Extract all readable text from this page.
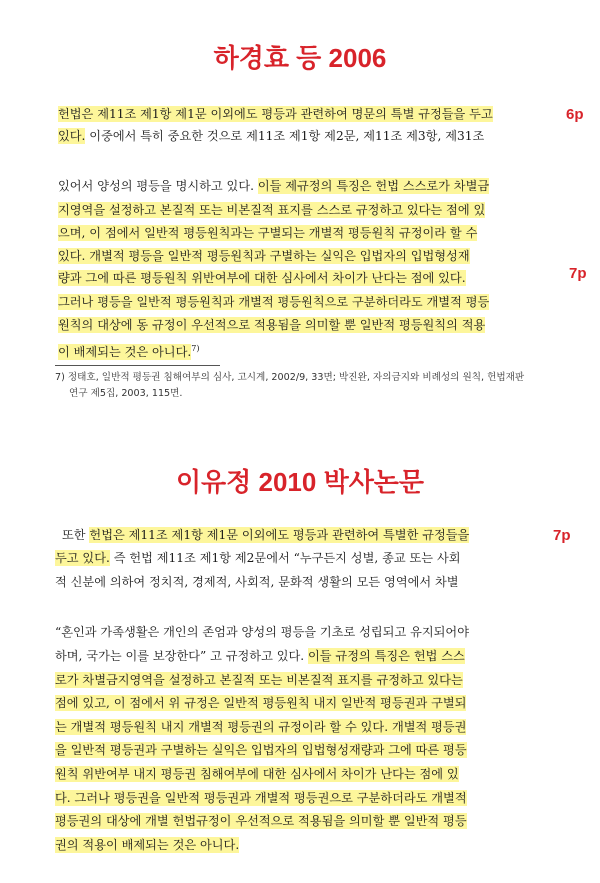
하경효 등 2006
6p
7p
헌법은 제11조 제1항 제1문 이외에도 평등과 관련하여 명문의 특별 규정들을 두고
있다. 이중에서 특히 중요한 것으로 제11조 제1항 제2문, 제11조 제3항, 제31조
있어서 양성의 평등을 명시하고 있다. 이들 제규정의 특징은 헌법 스스로가 차별금
지영역을 설정하고 본질적 또는 비본질적 표지를 스스로 규정하고 있다는 점에 있
으며, 이 점에서 일반적 평등원칙과는 구별되는 개별적 평등원칙 규정이라 할 수
있다. 개별적 평등을 일반적 평등원칙과 구별하는 실익은 입법자의 입법형성재
량과 그에 따른 평등원칙 위반여부에 대한 심사에서 차이가 난다는 점에 있다.
그러나 평등을 일반적 평등원칙과 개별적 평등원칙으로 구분하더라도 개별적 평등
원칙의 대상에 동 규정이 우선적으로 적용됨을 의미할 뿐 일반적 평등원칙의 적용
이 배제되는 것은 아니다.$^{7)}$
7) 정태호, 일반적 평등권 침해여부의 심사, 고시계, 2002/9, 33면; 박진완, 자의금지와 비례성의 원칙, 헌법재판
연구 제5집, 2003, 115면.
이유정 2010 박사논문
7p
또한 헌법은 제11조 제1항 제1문 이외에도 평등과 관련하여 특별한 규정들을
두고 있다. 즉 헌법 제11조 제1항 제2문에서 “누구든지 성별, 종교 또는 사회
적 신분에 의하여 정치적, 경제적, 사회적, 문화적 생활의 모든 영역에서 차별
“혼인과 가족생활은 개인의 존엄과 양성의 평등을 기초로 성립되고 유지되어야
하며, 국가는 이를 보장한다” 고 규정하고 있다. 이들 규정의 특징은 헌법 스스
로가 차별금지영역을 설정하고 본질적 또는 비본질적 표지를 규정하고 있다는
점에 있고, 이 점에서 위 규정은 일반적 평등원칙 내지 일반적 평등권과 구별되
는 개별적 평등원칙 내지 개별적 평등권의 규정이라 할 수 있다. 개별적 평등권
을 일반적 평등권과 구별하는 실익은 입법자의 입법형성재량과 그에 따른 평등
원칙 위반여부 내지 평등권 침해여부에 대한 심사에서 차이가 난다는 점에 있
다. 그러나 평등권을 일반적 평등권과 개별적 평등권으로 구분하더라도 개별적
평등권의 대상에 개별 헌법규정이 우선적으로 적용됨을 의미할 뿐 일반적 평등
권의 적용이 배제되는 것은 아니다.
